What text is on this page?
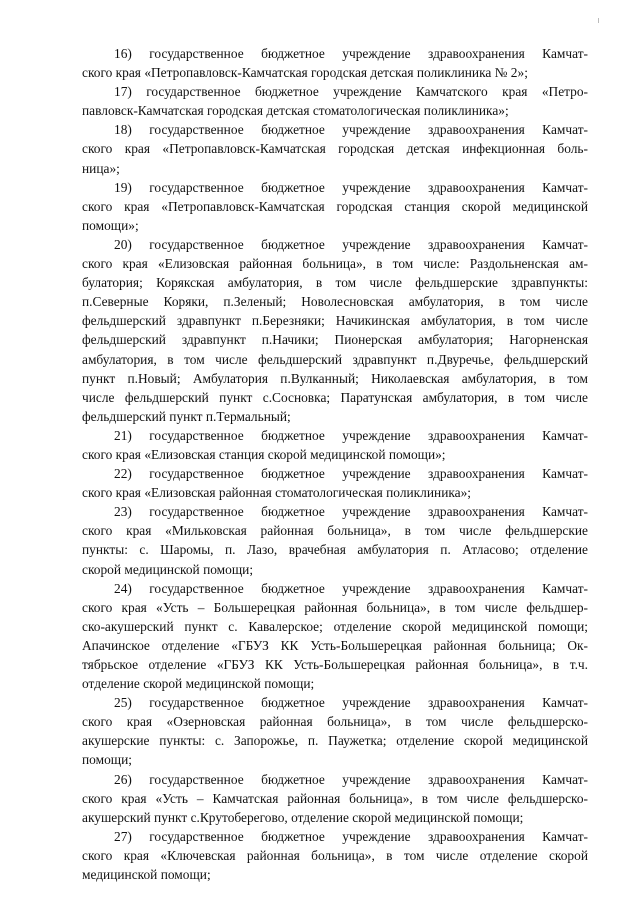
16) государственное бюджетное учреждение здравоохранения Камчат-
ского края «Петропавловск-Камчатская городская детская поликлиника № 2»;
17) государственное бюджетное учреждение Камчатского края «Петро-
павловск-Камчатская городская детская стоматологическая поликлиника»;
18) государственное бюджетное учреждение здравоохранения Камчат-
ского края «Петропавловск-Камчатская городская детская инфекционная боль-
ница»;
19) государственное бюджетное учреждение здравоохранения Камчат-
ского края «Петропавловск-Камчатская городская станция скорой медицинской
помощи»;
20) государственное бюджетное учреждение здравоохранения Камчат-
ского края «Елизовская районная больница», в том числе: Раздольненская ам-
булатория; Корякская амбулатория, в том числе фельдшерские здравпункты:
п.Северные Коряки, п.Зеленый; Новолесновская амбулатория, в том числе
фельдшерский здравпункт п.Березняки; Начикинская амбулатория, в том числе
фельдшерский здравпункт п.Начики; Пионерская амбулатория; Нагорненская
амбулатория, в том числе фельдшерский здравпункт п.Двуречье, фельдшерский
пункт п.Новый; Амбулатория п.Вулканный; Николаевская амбулатория, в том
числе фельдшерский пункт с.Сосновка; Паратунская амбулатория, в том числе
фельдшерский пункт п.Термальный;
21) государственное бюджетное учреждение здравоохранения Камчат-
ского края «Елизовская станция скорой медицинской помощи»;
22) государственное бюджетное учреждение здравоохранения Камчат-
ского края «Елизовская районная стоматологическая поликлиника»;
23) государственное бюджетное учреждение здравоохранения Камчат-
ского края «Мильковская районная больница», в том числе фельдшерские
пункты: с. Шаромы, п. Лазо, врачебная амбулатория п. Атласово; отделение
скорой медицинской помощи;
24) государственное бюджетное учреждение здравоохранения Камчат-
ского края «Усть – Большерецкая районная больница», в том числе фельдшер-
ско-акушерский пункт с. Кавалерское; отделение скорой медицинской помощи;
Апачинское отделение «ГБУЗ КК Усть-Большерецкая районная больница; Ок-
тябрьское отделение «ГБУЗ КК Усть-Большерецкая районная больница», в т.ч.
отделение скорой медицинской помощи;
25) государственное бюджетное учреждение здравоохранения Камчат-
ского края «Озерновская районная больница», в том числе фельдшерско-
акушерские пункты: с. Запорожье, п. Паужетка; отделение скорой медицинской
помощи;
26) государственное бюджетное учреждение здравоохранения Камчат-
ского края «Усть – Камчатская районная больница», в том числе фельдшерско-
акушерский пункт с.Крутоберегово, отделение скорой медицинской помощи;
27) государственное бюджетное учреждение здравоохранения Камчат-
ского края «Ключевская районная больница», в том числе отделение скорой
медицинской помощи;
